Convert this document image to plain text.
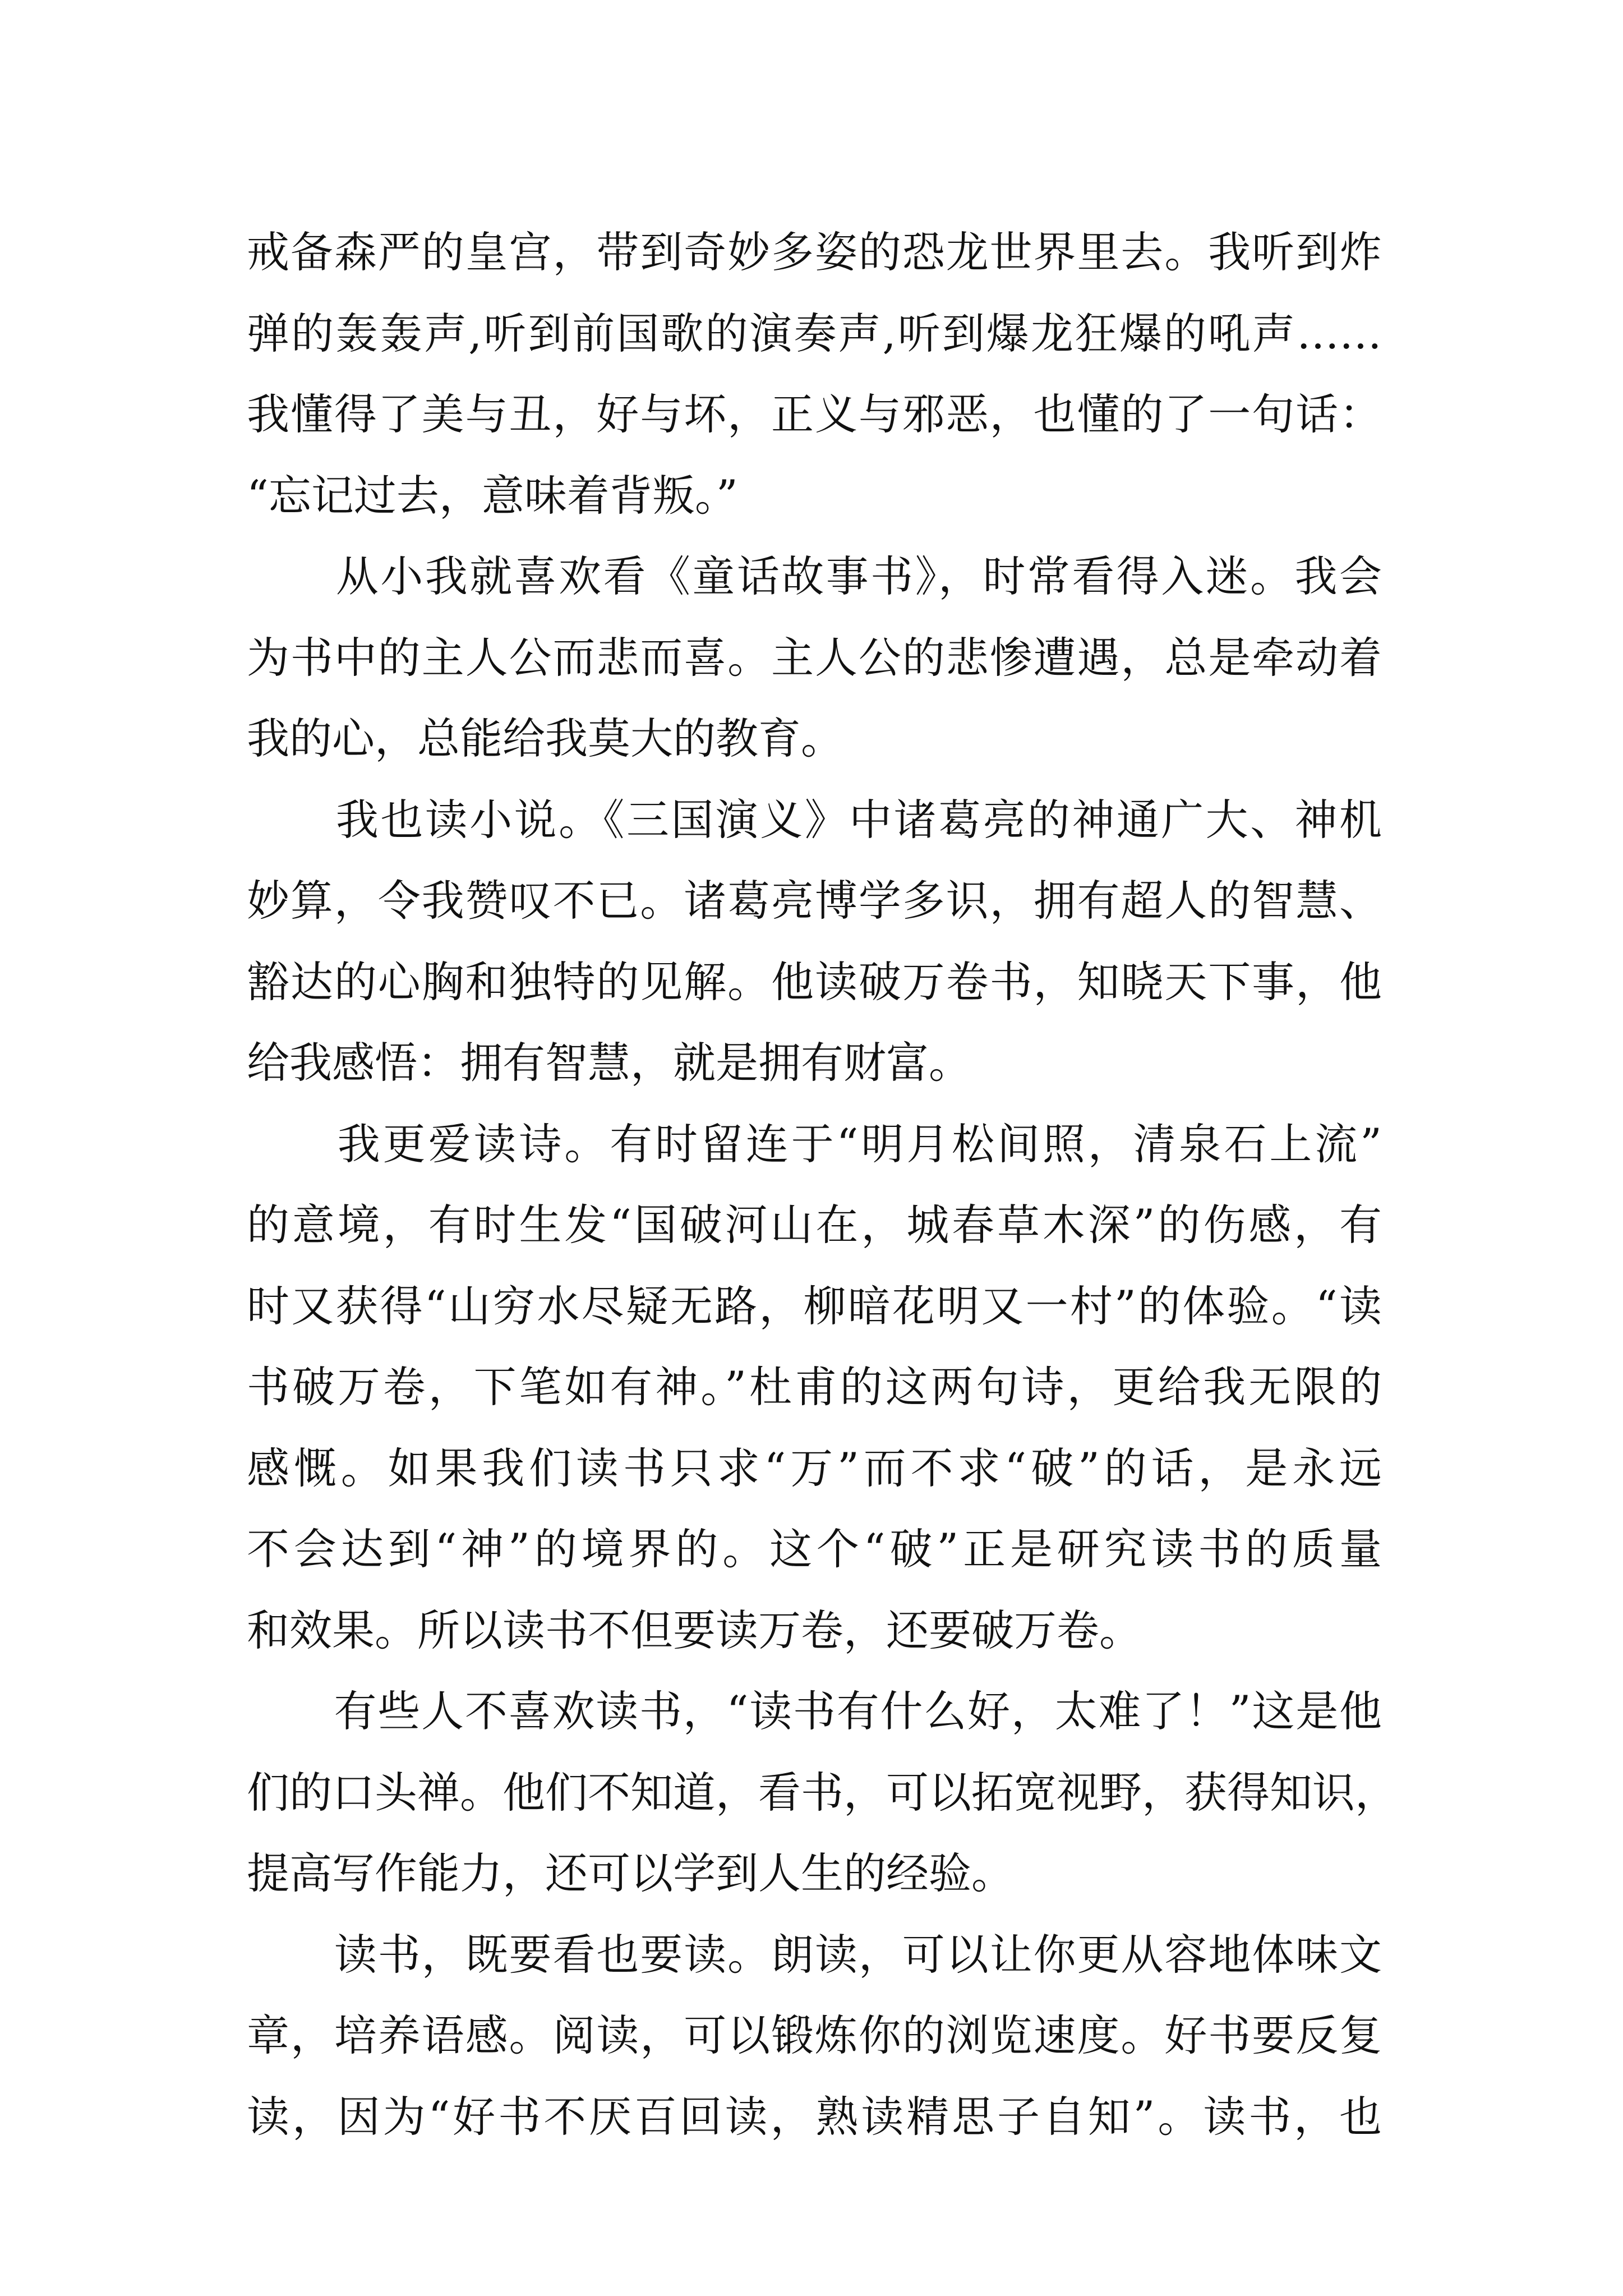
戒备森严的皇宫，带到奇妙多姿的恐龙世界里去。我听到炸
弹的轰轰声,听到前国歌的演奏声,听到爆龙狂爆的吼声……
我懂得了美与丑，好与坏，正义与邪恶，也懂的了一句话：
“忘记过去，意味着背叛。”
　　从小我就喜欢看《童话故事书》，时常看得入迷。我会
为书中的主人公而悲而喜。主人公的悲惨遭遇，总是牵动着
我的心，总能给我莫大的教育。
　　我也读小说。《三国演义》中诸葛亮的神通广大、神机
妙算，令我赞叹不已。诸葛亮博学多识，拥有超人的智慧、
豁达的心胸和独特的见解。他读破万卷书，知晓天下事，他
给我感悟：拥有智慧，就是拥有财富。
　　我更爱读诗。有时留连于“明月松间照，清泉石上流”
的意境，有时生发“国破河山在，城春草木深”的伤感，有
时又获得“山穷水尽疑无路，柳暗花明又一村”的体验。“读
书破万卷，下笔如有神。”杜甫的这两句诗，更给我无限的
感慨。如果我们读书只求“万”而不求“破”的话，是永远
不会达到“神”的境界的。这个“破”正是研究读书的质量
和效果。所以读书不但要读万卷，还要破万卷。
　　有些人不喜欢读书，“读书有什么好，太难了！”这是他
们的口头禅。他们不知道，看书，可以拓宽视野，获得知识，
提高写作能力，还可以学到人生的经验。
　　读书，既要看也要读。朗读，可以让你更从容地体味文
章，培养语感。阅读，可以锻炼你的浏览速度。好书要反复
读，因为“好书不厌百回读，熟读精思子自知”。读书，也
